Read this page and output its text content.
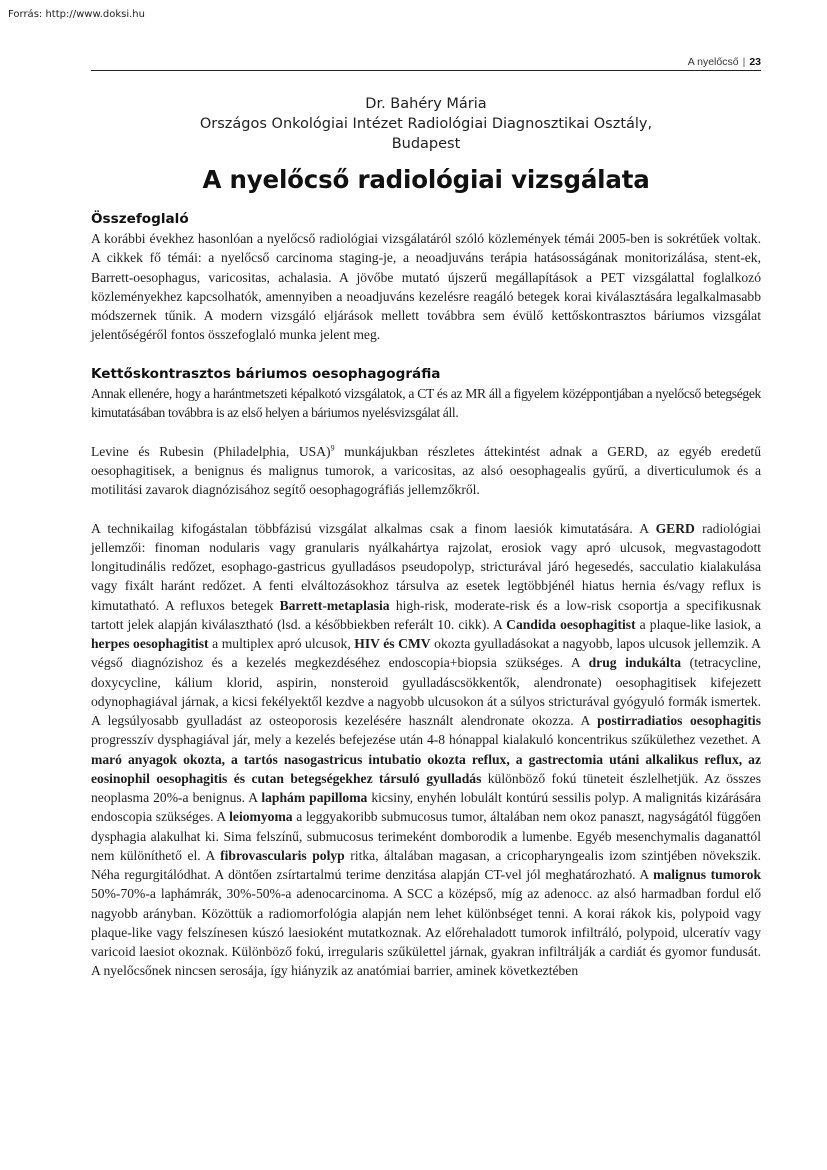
Forrás: http://www.doksi.hu
A nyelőcső | 23
Dr. Bahéry Mária
Országos Onkológiai Intézet Radiológiai Diagnosztikai Osztály,
Budapest
A nyelőcső radiológiai vizsgálata
Összefoglaló

A korábbi évekhez hasonlóan a nyelőcső radiológiai vizsgálatáról szóló közlemények témái 2005-ben is sokrétűek voltak. A cikkek fő témái: a nyelőcső carcinoma staging-je, a neoadjuváns terápia hatásosságának monitorizálása, stent-ek, Barrett-oesophagus, varicositas, achalasia. A jövőbe mutató újszerű megállapítások a PET vizsgálattal foglalkozó közleményekhez kapcsolhatók, amennyiben a neoadjuváns kezelésre reagáló betegek korai kiválasztására legalkalmasabb módszernek tűnik. A modern vizsgáló eljárások mellett továbbra sem évülő kettőskontrasztos báriumos vizsgálat jelentőségéről fontos összefoglaló munka jelent meg.

Kettőskontrasztos báriumos oesophagográfia

Annak ellenére, hogy a harántmetszeti képalkotó vizsgálatok, a CT és az MR áll a figyelem középpontjában a nyelőcső betegségek kimutatásában továbbra is az első helyen a báriumos nyelésvizsgálat áll.

Levine és Rubesin (Philadelphia, USA)$^9$ munkájukban részletes áttekintést adnak a GERD, az egyéb eredetű oesophagitisek, a benignus és malignus tumorok, a varicositas, az alsó oesophagealis gyűrű, a diverticulumok és a motilitási zavarok diagnózisához segítő oesophagográfiás jellemzőkről.

A technikailag kifogástalan többfázisú vizsgálat alkalmas csak a finom laesiók kimutatására. A GERD radiológiai jellemzői: finoman nodularis vagy granularis nyálkahártya rajzolat, erosiok vagy apró ulcusok, megvastagodott longitudinális redőzet, esophago-gastricus gyulladásos pseudopolyp, stricturával járó hegesedés, sacculatio kialakulása vagy fixált haránt redőzet. A fenti elváltozásokhoz társulva az esetek legtöbbjénél hiatus hernia és/vagy reflux is kimutatható. A refluxos betegek Barrett-metaplasia high-risk, moderate-risk és a low-risk csoportja a specifikusnak tartott jelek alapján kiválasztható (lsd. a későbbiekben referált 10. cikk). A Candida oesophagitist a plaque-like lasiok, a herpes oesophagitist a multiplex apró ulcusok, HIV és CMV okozta gyulladásokat a nagyobb, lapos ulcusok jellemzik. A végső diagnózishoz és a kezelés megkezdéséhez endoscopia+biopsia szükséges. A drug indukálta (tetracycline, doxycycline, kálium klorid, aspirin, nonsteroid gyulladáscsökkentők, alendronate) oesophagitisek kifejezett odynophagiával járnak, a kicsi fekélyektől kezdve a nagyobb ulcusokon át a súlyos stricturával gyógyuló formák ismertek. A legsúlyosabb gyulladást az osteoporosis kezelésére használt alendronate okozza. A postirradiatios oesophagitis progresszív dysphagiával jár, mely a kezelés befejezése után 4-8 hónappal kialakuló koncentrikus szűkülethez vezethet. A maró anyagok okozta, a tartós nasogastricus intubatio okozta reflux, a gastrectomia utáni alkalikus reflux, az eosinophil oesophagitis és cutan betegségekhez társuló gyulladás különböző fokú tüneteit észlelhetjük. Az összes neoplasma 20%-a benignus. A laphám papilloma kicsiny, enyhén lobulált kontúrú sessilis polyp. A malignitás kizárására endoscopia szükséges. A leiomyoma a leggyakoribb submucosus tumor, általában nem okoz panaszt, nagyságától függően dysphagia alakulhat ki. Sima felszínű, submucosus terimeként domborodik a lumenbe. Egyéb mesenchymalis daganattól nem különíthető el. A fibrovascularis polyp ritka, általában magasan, a cricopharyngealis izom szintjében növekszik. Néha regurgitálódhat. A döntően zsírtartalmú terime denzitása alapján CT-vel jól meghatározható. A malignus tumorok 50%-70%-a laphámrák, 30%-50%-a adenocarcinoma. A SCC a középső, míg az adenocc. az alsó harmadban fordul elő nagyobb arányban. Közöttük a radiomorfológia alapján nem lehet különbséget tenni. A korai rákok kis, polypoid vagy plaque-like vagy felszínesen kúszó laesioként mutatkoznak. Az előrehaladott tumorok infiltráló, polypoid, ulceratív vagy varicoid laesiot okoznak. Különböző fokú, irregularis szűkülettel járnak, gyakran infiltrálják a cardiát és gyomor fundusát. A nyelőcsőnek nincsen serosája, így hiányzik az anatómiai barrier, aminek következtében
